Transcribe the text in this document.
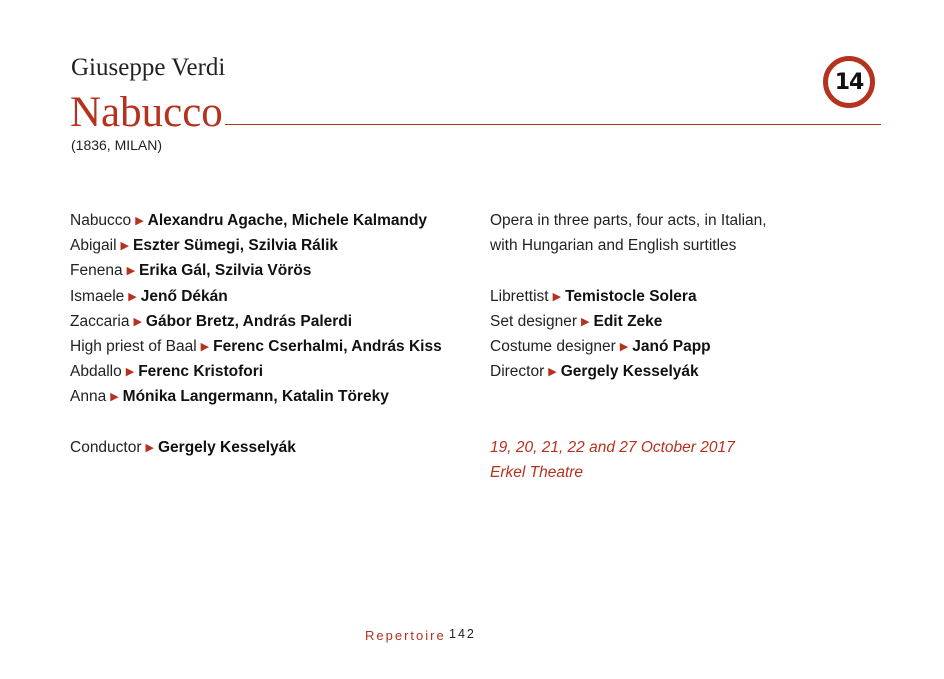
Giuseppe Verdi
Nabucco
(1836, MILAN)
14
Nabucco ▶ Alexandru Agache, Michele Kalmandy
Abigail ▶ Eszter Sümegi, Szilvia Rálik
Fenena ▶ Erika Gál, Szilvia Vörös
Ismaele ▶ Jenő Dékán
Zaccaria ▶ Gábor Bretz, András Palerdi
High priest of Baal ▶ Ferenc Cserhalmi, András Kiss
Abdallo ▶ Ferenc Kristofori
Anna ▶ Mónika Langermann, Katalin Töreky
Conductor ▶ Gergely Kesselyák
Opera in three parts, four acts, in Italian,
with Hungarian and English surtitles
Librettist ▶ Temistocle Solera
Set designer ▶ Edit Zeke
Costume designer ▶ Janó Papp
Director ▶ Gergely Kesselyák
19, 20, 21, 22 and 27 October 2017
Erkel Theatre
Repertoire 142
